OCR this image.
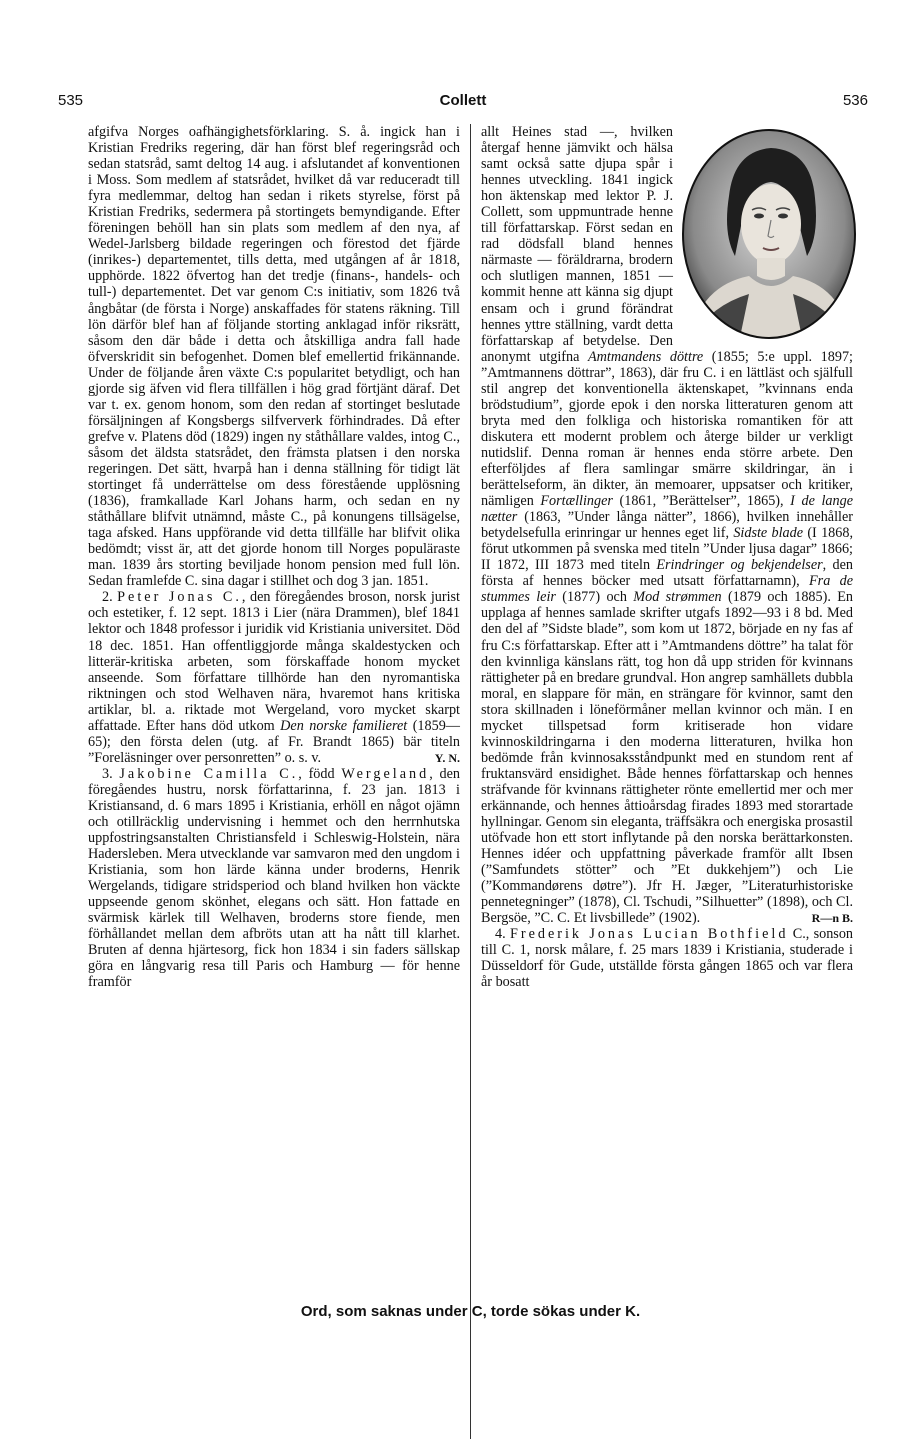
535	Collett	536

afgifva Norges oafhängighetsförklaring. S. å. ingick han i Kristian Fredriks regering, där han först blef regeringsråd och sedan statsråd, samt deltog 14 aug. i afslutandet af konventionen i Moss. Som medlem af statsrådet, hvilket då var reduceradt till fyra medlemmar, deltog han sedan i rikets styrelse, först på Kristian Fredriks, sedermera på stortingets bemyndigande. Efter föreningen behöll han sin plats som medlem af den nya, af Wedel-Jarlsberg bildade regeringen och förestod det fjärde (inrikes-) departementet, tills detta, med utgången af år 1818, upphörde. 1822 öfvertog han det tredje (finans-, handels- och tull-) departementet. Det var genom C:s initiativ, som 1826 två ångbåtar (de första i Norge) anskaffades för statens räkning. Till lön därför blef han af följande storting anklagad inför riksrätt, såsom den där både i detta och åtskilliga andra fall hade öfverskridit sin befogenhet. Domen blef emellertid frikännande. Under de följande åren växte C:s popularitet betydligt, och han gjorde sig äfven vid flera tillfällen i hög grad förtjänt däraf. Det var t. ex. genom honom, som den redan af stortinget beslutade försäljningen af Kongsbergs silfververk förhindrades. Då efter grefve v. Platens död (1829) ingen ny ståthållare valdes, intog C., såsom det äldsta statsrådet, den främsta platsen i den norska regeringen. Det sätt, hvarpå han i denna ställning för tidigt lät stortinget få underrättelse om dess förestående upplösning (1836), framkallade Karl Johans harm, och sedan en ny ståthållare blifvit utnämnd, måste C., på konungens tillsägelse, taga afsked. Hans uppförande vid detta tillfälle har blifvit olika bedömdt; visst är, att det gjorde honom till Norges populäraste man. 1839 års storting beviljade honom pension med full lön. Sedan framlefde C. sina dagar i stillhet och dog 3 jan. 1851.

2. Peter Jonas C., den föregåendes broson, norsk jurist och estetiker, f. 12 sept. 1813 i Lier (nära Drammen), blef 1841 lektor och 1848 professor i juridik vid Kristiania universitet. Död 18 dec. 1851. Han offentliggjorde många skaldestycken och litterär-kritiska arbeten, som förskaffade honom mycket anseende. Som författare tillhörde han den nyromantiska riktningen och stod Welhaven nära, hvaremot hans kritiska artiklar, bl. a. riktade mot Wergeland, voro mycket skarpt affattade. Efter hans död utkom Den norske familieret (1859—65); den första delen (utg. af Fr. Brandt 1865) bär titeln ”Foreläsninger over personretten” o. s. v.	Y. N.

3. Jakobine Camilla C., född Wergeland, den föregåendes hustru, norsk författarinna, f. 23 jan. 1813 i Kristiansand, d. 6 mars 1895 i Kristiania, erhöll en något ojämn och otillräcklig undervisning i hemmet och den herrnhutska uppfostringsanstalten Christiansfeld i Schleswig-Holstein, nära Hadersleben. Mera utvecklande var samvaron med den ungdom i Kristiania, som hon lärde känna under broderns, Henrik Wergelands, tidigare stridsperiod och bland hvilken hon väckte uppseende genom skönhet, elegans och sätt. Hon fattade en svärmisk kärlek till Welhaven, broderns store fiende, men förhållandet mellan dem afbröts utan att ha nått till klarhet. Bruten af denna hjärtesorg, fick hon 1834 i sin faders sällskap göra en långvarig resa till Paris och Hamburg — för henne framför

allt Heines stad —, hvilken återgaf henne jämvikt och hälsa samt också satte djupa spår i hennes utveckling. 1841 ingick hon äktenskap med lektor P. J. Collett, som uppmuntrade henne till författarskap. Först sedan en rad dödsfall bland hennes närmaste — föräldrarna, brodern och slutligen mannen, 1851 — kommit henne att känna sig djupt ensam och i grund förändrat hennes yttre ställning, vardt detta författarskap af betydelse. Den anonymt utgifna Amtmandens döttre (1855; 5:e uppl. 1897; ”Amtmannens döttrar”, 1863), där fru C. i en lättläst och själfull stil angrep det konventionella äktenskapet, ”kvinnans enda brödstudium”, gjorde epok i den norska litteraturen genom att bryta med den folkliga och historiska romantiken för att diskutera ett modernt problem och återge bilder ur verkligt nutidslif. Denna roman är hennes enda större arbete. Den efterföljdes af flera samlingar smärre skildringar, än i berättelseform, än dikter, än memoarer, uppsatser och kritiker, nämligen Fortællinger (1861, ”Berättelser”, 1865), I de lange nætter (1863, ”Under långa nätter”, 1866), hvilken innehåller betydelsefulla erinringar ur hennes eget lif, Sidste blade (I 1868, förut utkommen på svenska med titeln ”Under ljusa dagar” 1866; II 1872, III 1873 med titeln Erindringer og bekjendelser, den första af hennes böcker med utsatt författarnamn), Fra de stummes leir (1877) och Mod strømmen (1879 och 1885). En upplaga af hennes samlade skrifter utgafs 1892—93 i 8 bd. Med den del af ”Sidste blade”, som kom ut 1872, började en ny fas af fru C:s författarskap. Efter att i ”Amtmandens döttre” ha talat för den kvinnliga känslans rätt, tog hon då upp striden för kvinnans rättigheter på en bredare grundval. Hon angrep samhällets dubbla moral, en slappare för män, en strängare för kvinnor, samt den stora skillnaden i löneförmåner mellan kvinnor och män. I en mycket tillspetsad form kritiserade hon vidare kvinnoskildringarna i den moderna litteraturen, hvilka hon bedömde från kvinnosaksståndpunkt med en stundom rent af fruktansvärd ensidighet. Både hennes författarskap och hennes sträfvande för kvinnans rättigheter rönte emellertid mer och mer erkännande, och hennes åttioårsdag firades 1893 med storartade hyllningar. Genom sin eleganta, träffsäkra och energiska prosastil utöfvade hon ett stort inflytande på den norska berättarkonsten. Hennes idéer och uppfattning påverkade framför allt Ibsen (”Samfundets stötter” och ”Et dukkehjem”) och Lie (”Kommandørens døtre”). Jfr H. Jæger, ”Literaturhistoriske pennetegninger” (1878), Cl. Tschudi, ”Silhuetter” (1898), och Cl. Bergsöe, ”C. C. Et livsbillede” (1902).	R—n B.

4. Frederik Jonas Lucian Bothfield C., sonson till C. 1, norsk målare, f. 25 mars 1839 i Kristiania, studerade i Düsseldorf för Gude, utställde första gången 1865 och var flera år bosatt

Ord, som saknas under C, torde sökas under K.
